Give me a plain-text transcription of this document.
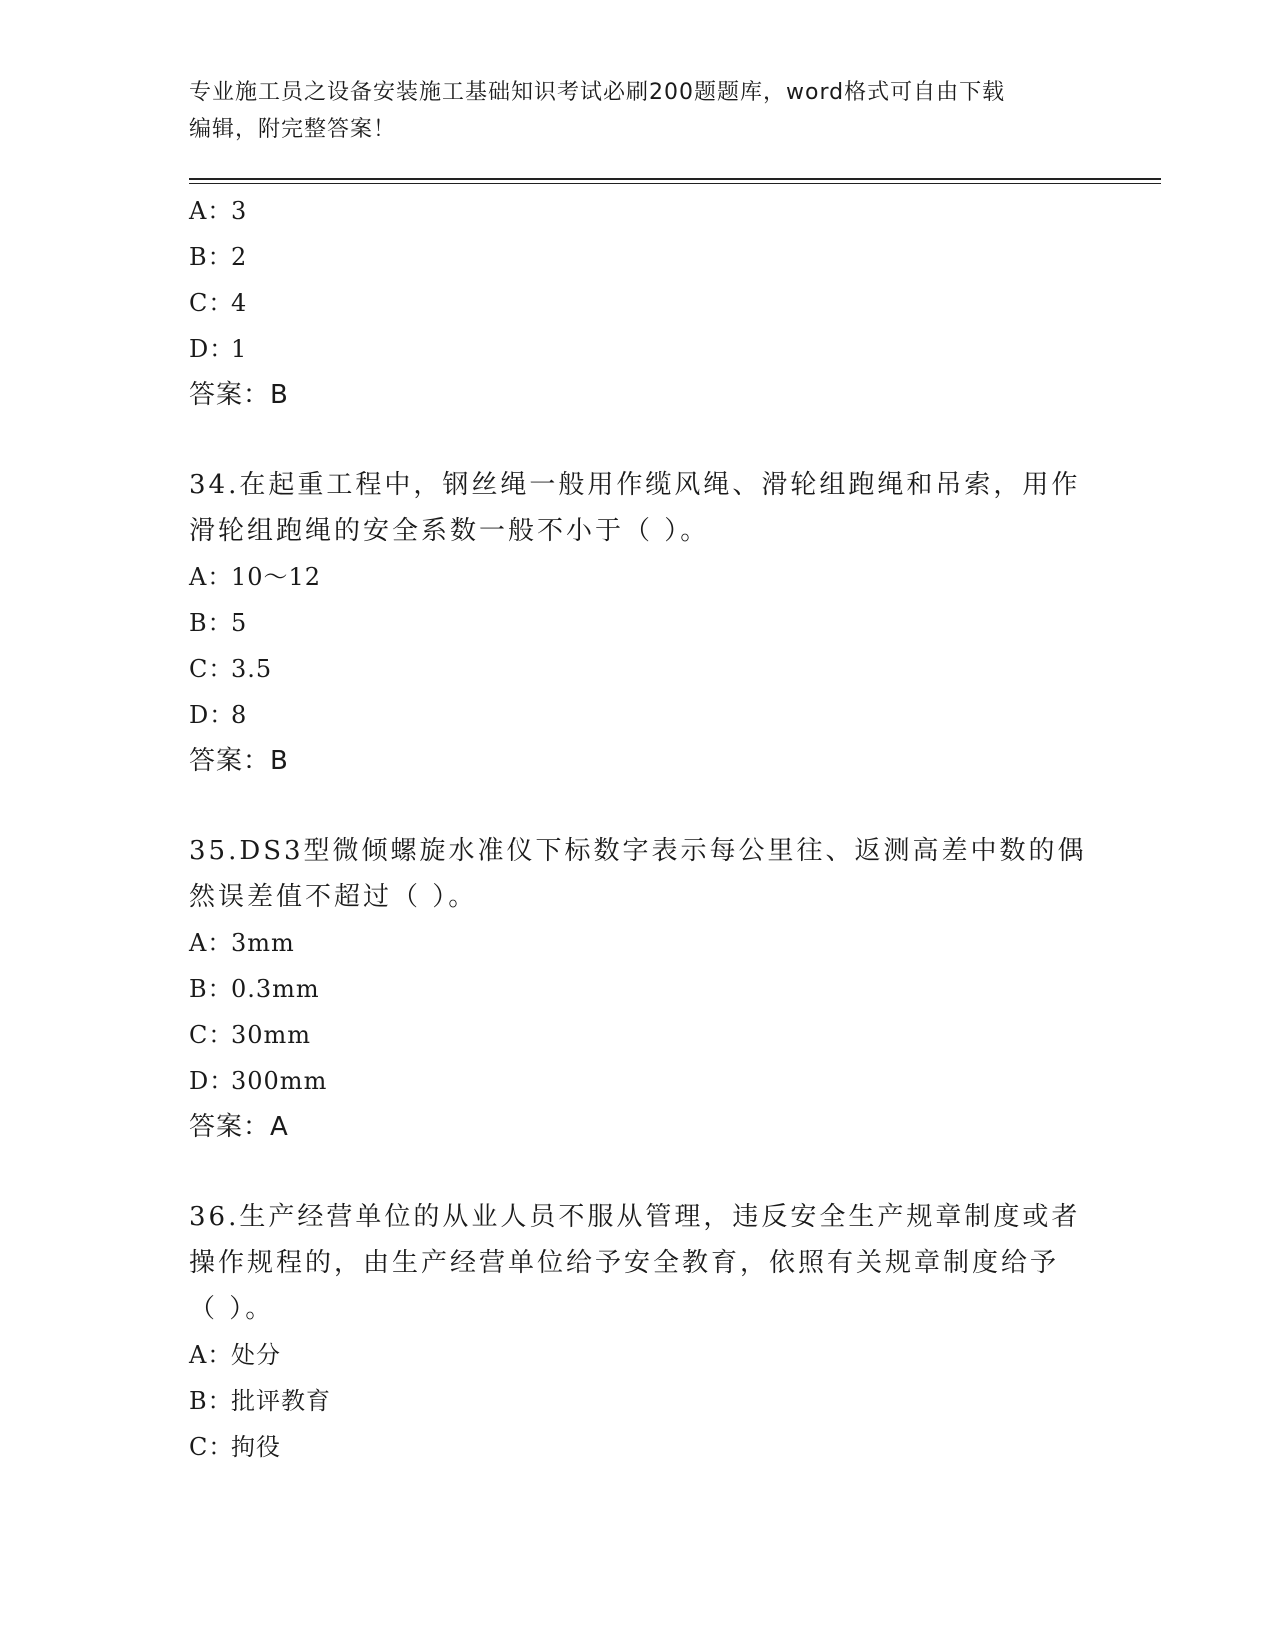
专业施工员之设备安装施工基础知识考试必刷200题题库，word格式可自由下载
编辑，附完整答案！
A：3
B：2
C：4
D：1
答案：B
34.在起重工程中，钢丝绳一般用作缆风绳、滑轮组跑绳和吊索，用作
滑轮组跑绳的安全系数一般不小于（ ）。
A：10～12
B：5
C：3.5
D：8
答案：B
35.DS3型微倾螺旋水准仪下标数字表示每公里往、返测高差中数的偶
然误差值不超过（ ）。
A：3mm
B：0.3mm
C：30mm
D：300mm
答案：A
36.生产经营单位的从业人员不服从管理，违反安全生产规章制度或者
操作规程的，由生产经营单位给予安全教育，依照有关规章制度给予
（ ）。
A：处分
B：批评教育
C：拘役
